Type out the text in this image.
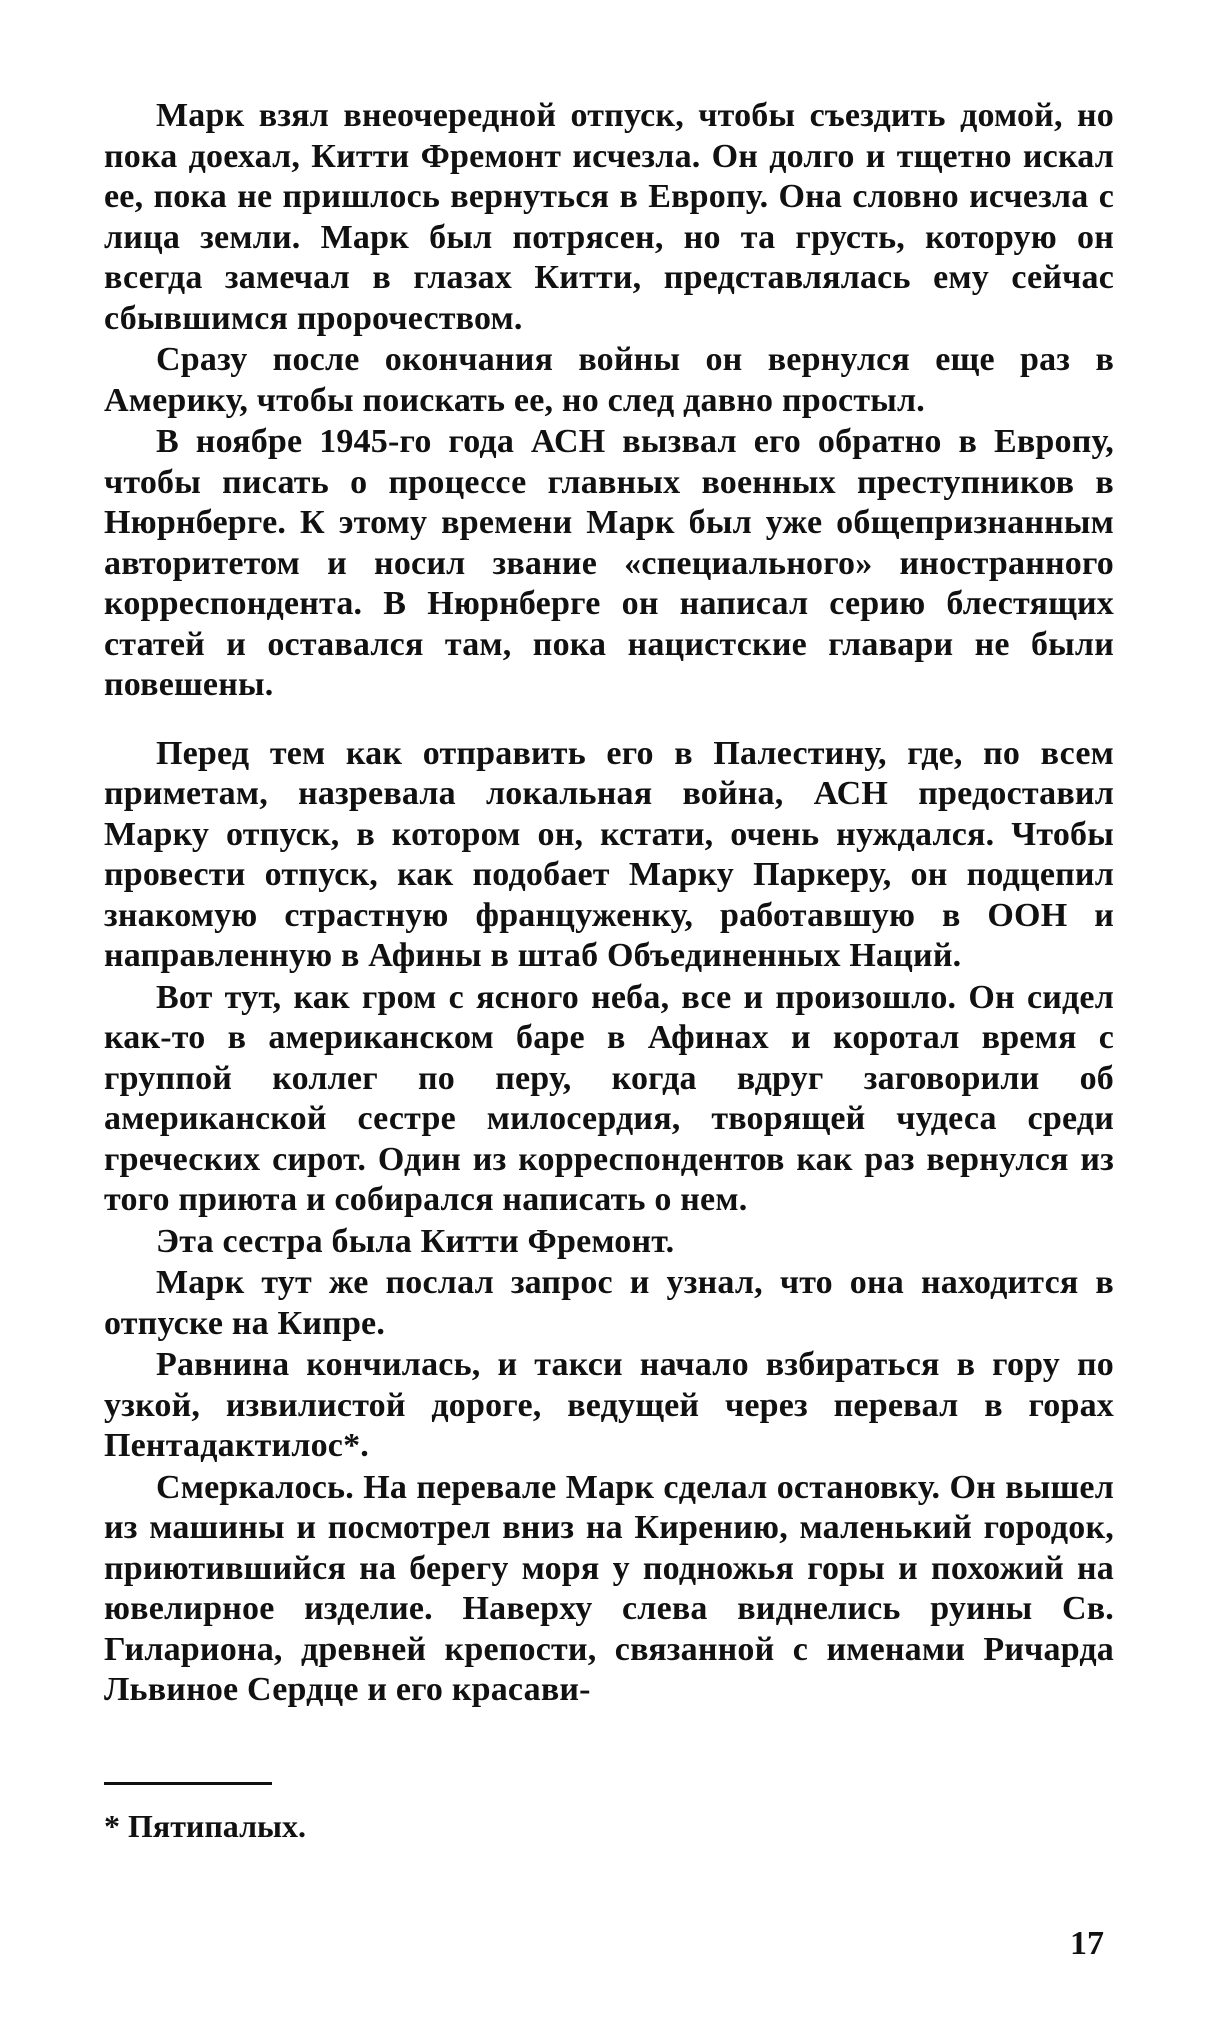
Марк взял внеочередной отпуск, чтобы съездить домой, но пока доехал, Китти Фремонт исчезла. Он долго и тщетно искал ее, пока не пришлось вернуться в Европу. Она словно исчезла с лица земли. Марк был потрясен, но та грусть, которую он всегда замечал в глазах Китти, представлялась ему сейчас сбывшимся пророчеством.

Сразу после окончания войны он вернулся еще раз в Америку, чтобы поискать ее, но след давно простыл.

В ноябре 1945-го года АСН вызвал его обратно в Европу, чтобы писать о процессе главных военных преступников в Нюрнберге. К этому времени Марк был уже общепризнанным авторитетом и носил звание «специального» иностранного корреспондента. В Нюрнберге он написал серию блестящих статей и оставался там, пока нацистские главари не были повешены.

Перед тем как отправить его в Палестину, где, по всем приметам, назревала локальная война, АСН предоставил Марку отпуск, в котором он, кстати, очень нуждался. Чтобы провести отпуск, как подобает Марку Паркеру, он подцепил знакомую страстную француженку, работавшую в ООН и направленную в Афины в штаб Объединенных Наций.

Вот тут, как гром с ясного неба, все и произошло. Он сидел как-то в американском баре в Афинах и коротал время с группой коллег по перу, когда вдруг заговорили об американской сестре милосердия, творящей чудеса среди греческих сирот. Один из корреспондентов как раз вернулся из того приюта и собирался написать о нем.

Эта сестра была Китти Фремонт.

Марк тут же послал запрос и узнал, что она находится в отпуске на Кипре.

Равнина кончилась, и такси начало взбираться в гору по узкой, извилистой дороге, ведущей через перевал в горах Пентадактилос*.

Смеркалось. На перевале Марк сделал остановку. Он вышел из машины и посмотрел вниз на Кирению, маленький городок, приютившийся на берегу моря у подножья горы и похожий на ювелирное изделие. Наверху слева виднелись руины Св. Гилариона, древней крепости, связанной с именами Ричарда Львиное Сердце и его красави-

* Пятипалых.
17
